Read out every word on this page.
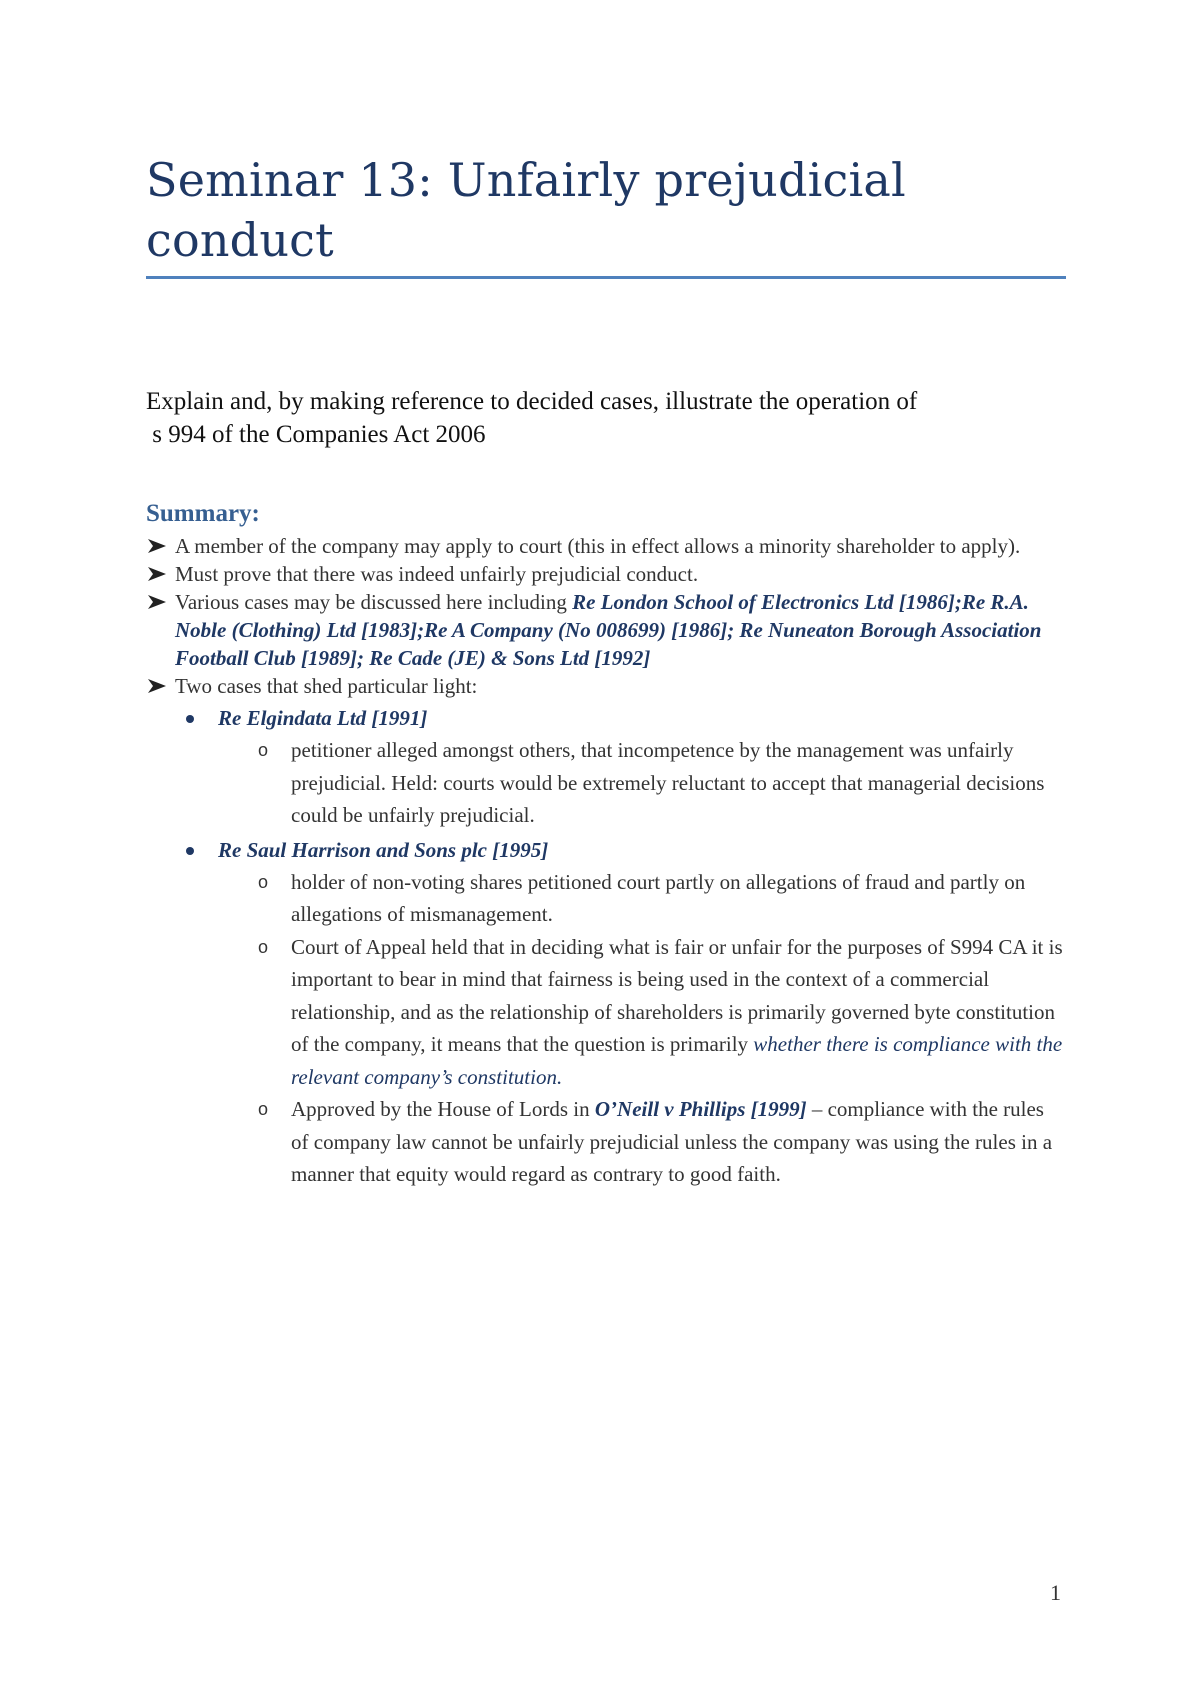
Seminar 13: Unfairly prejudicial conduct
Explain and, by making reference to decided cases, illustrate the operation of
s 994 of the Companies Act 2006
Summary:
A member of the company may apply to court (this in effect allows a minority shareholder to apply).
Must prove that there was indeed unfairly prejudicial conduct.
Various cases may be discussed here including Re London School of Electronics Ltd [1986];Re R.A. Noble (Clothing) Ltd [1983];Re A Company (No 008699) [1986]; Re Nuneaton Borough Association Football Club [1989]; Re Cade (JE) & Sons Ltd [1992]
Two cases that shed particular light:
Re Elgindata Ltd [1991]
o petitioner alleged amongst others, that incompetence by the management was unfairly prejudicial. Held: courts would be extremely reluctant to accept that managerial decisions could be unfairly prejudicial.
Re Saul Harrison and Sons plc [1995]
o holder of non-voting shares petitioned court partly on allegations of fraud and partly on allegations of mismanagement.
o Court of Appeal held that in deciding what is fair or unfair for the purposes of S994 CA it is important to bear in mind that fairness is being used in the context of a commercial relationship, and as the relationship of shareholders is primarily governed byte constitution of the company, it means that the question is primarily whether there is compliance with the relevant company’s constitution.
o Approved by the House of Lords in O’Neill v Phillips [1999] – compliance with the rules of company law cannot be unfairly prejudicial unless the company was using the rules in a manner that equity would regard as contrary to good faith.
1
